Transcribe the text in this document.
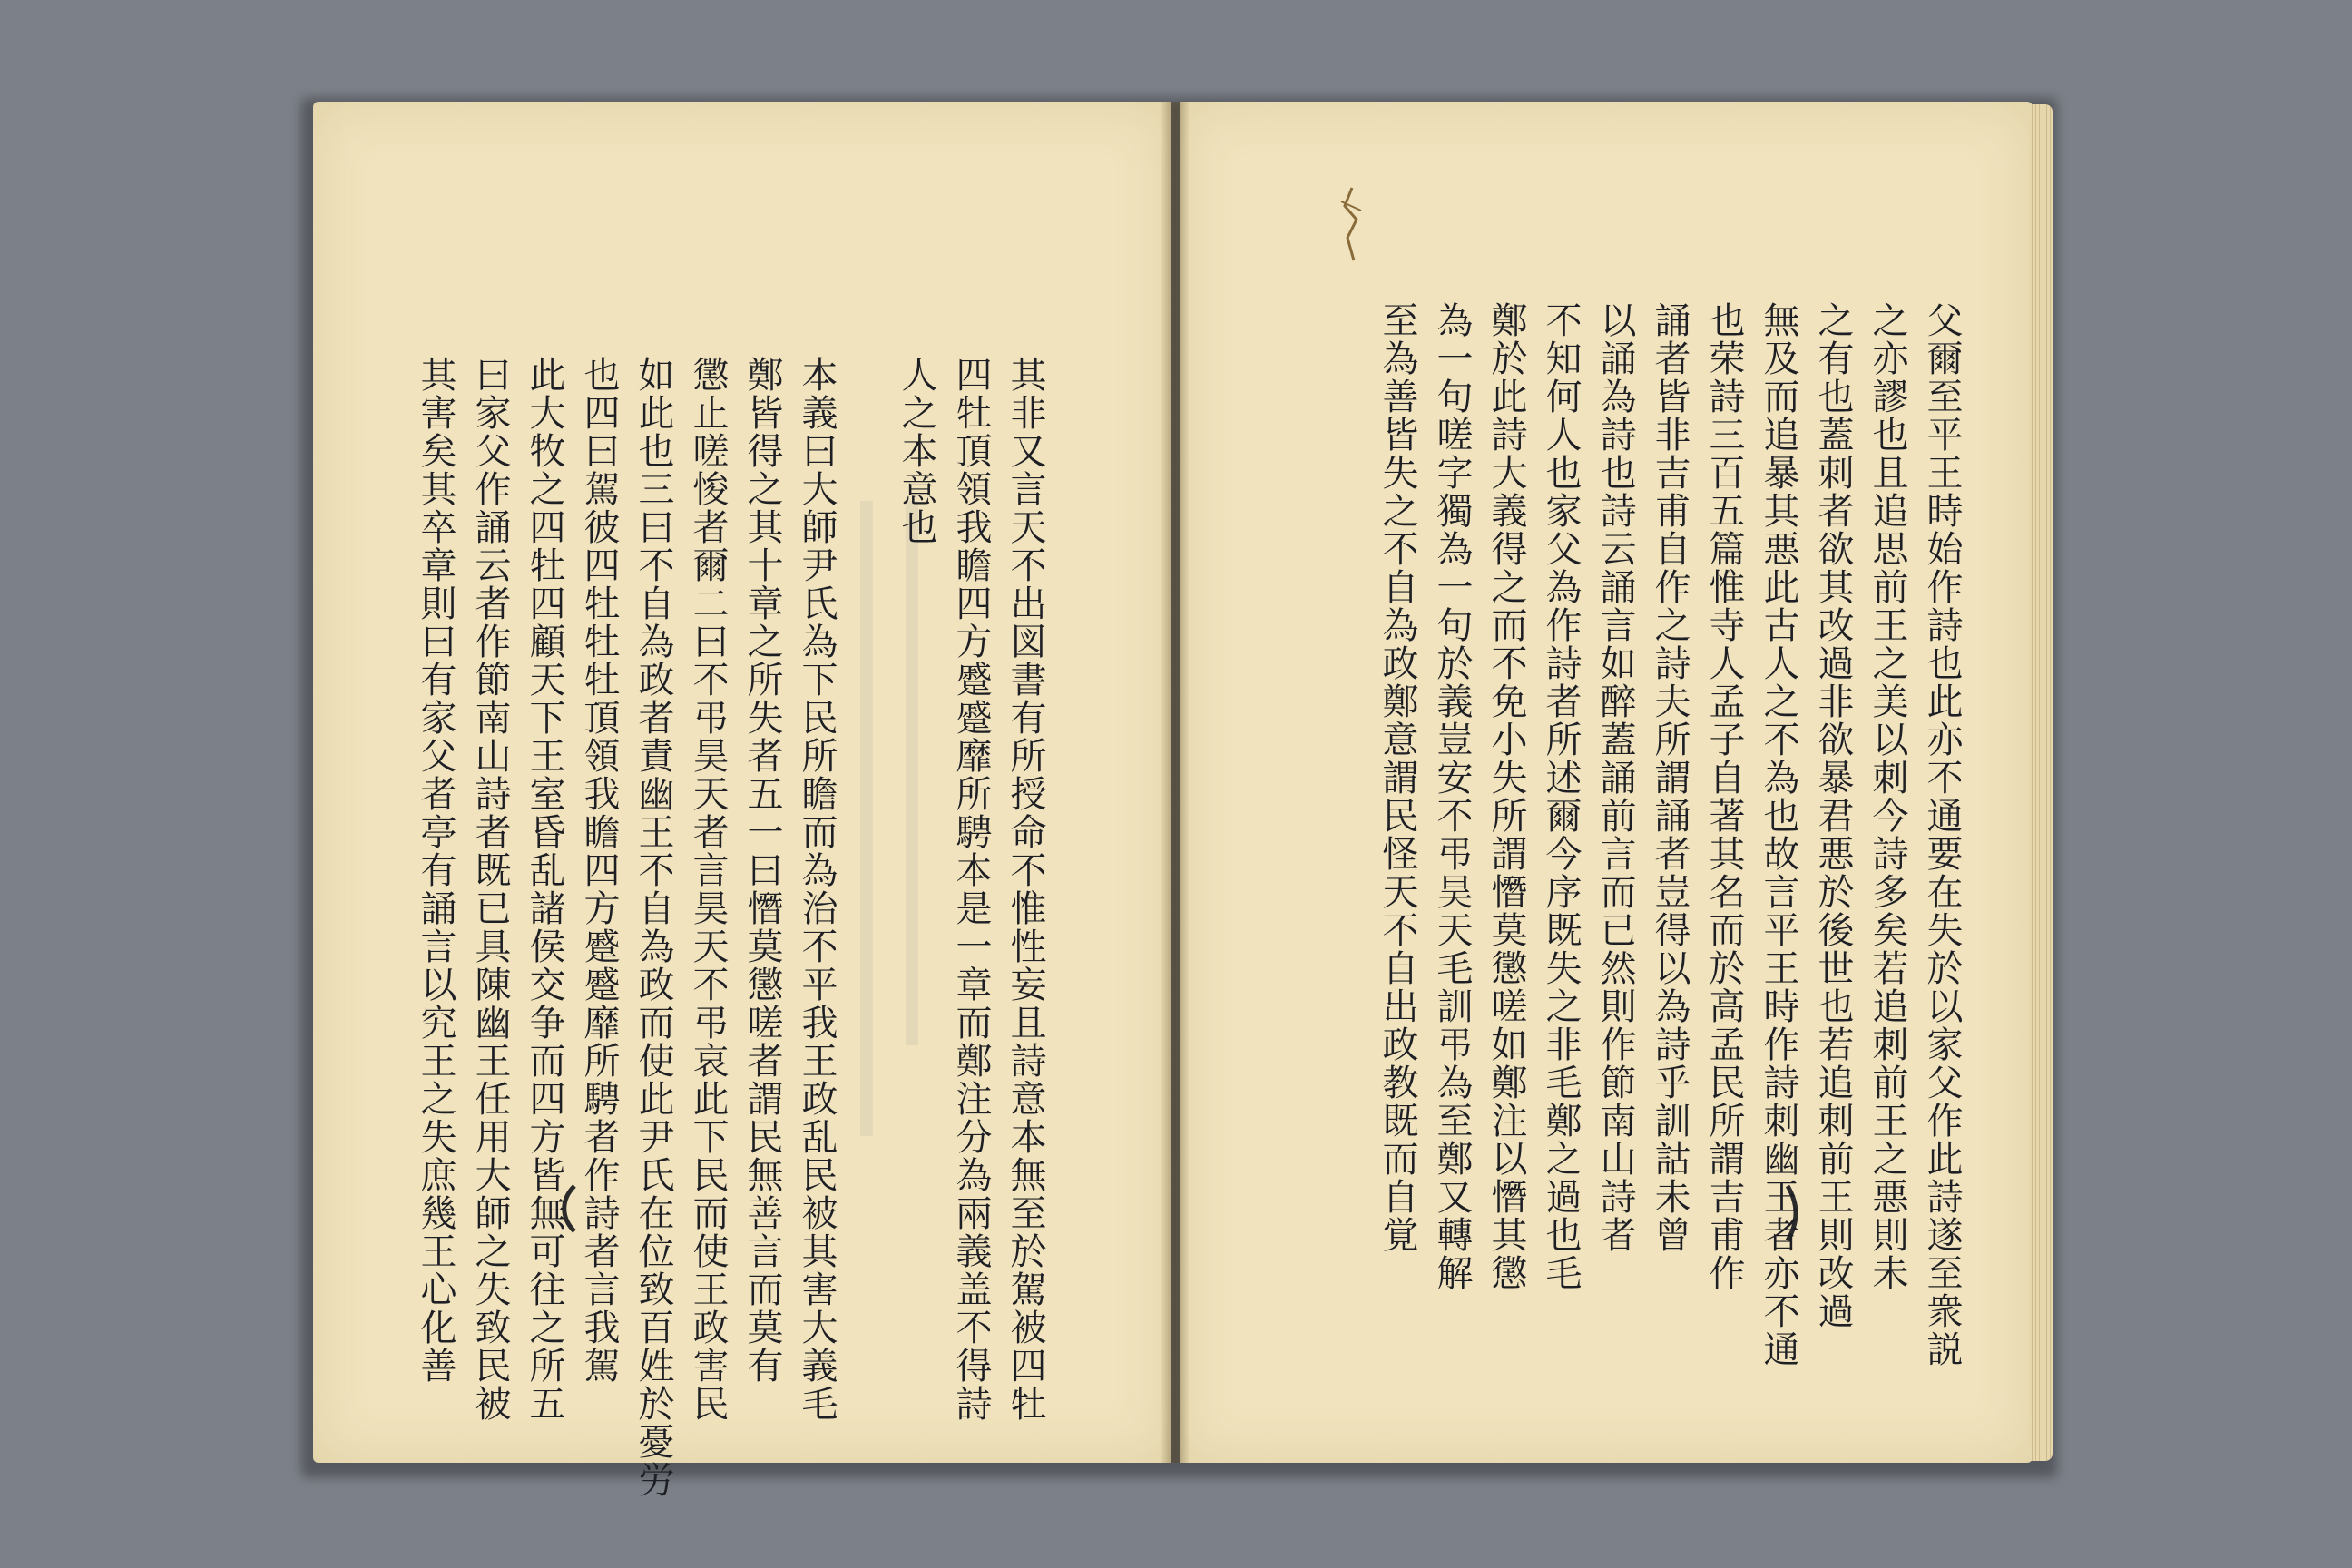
其非又言天不出図書有所授命不惟性妄且詩意本無至於駕被四牡
四牡頂領我瞻四方蹙蹙靡所騁本是一章而鄭注分為兩義盖不得詩
人之本意也
本義曰大師尹氏為下民所瞻而為治不平我王政乱民被其害大義毛
鄭皆得之其十章之所失者五一曰憯莫懲嗟者謂民無善言而莫有
懲止嗟悛者爾二曰不弔昊天者言昊天不弔哀此下民而使王政害民
如此也三曰不自為政者責幽王不自為政而使此尹氏在位致百姓於憂労
也四曰駕彼四牡牡牡頂領我瞻四方蹙蹙靡所騁者作詩者言我駕
此大牧之四牡四顧天下王室昏乱諸侯交争而四方皆無可往之所五
曰家父作誦云者作節南山詩者既已具陳幽王任用大師之失致民被
其害矣其卒章則曰有家父者亭有誦言以究王之失庶幾王心化善	父爾至平王時始作詩也此亦不通要在失於以家父作此詩遂至衆説
之亦謬也且追思前王之美以刺今詩多矣若追刺前王之悪則未
之有也蓋刺者欲其改過非欲暴君悪於後世也若追刺前王則改過
無及而追暴其悪此古人之不為也故言平王時作詩刺幽王者亦不通
也荣詩三百五篇惟寺人孟子自著其名而於高孟民所謂吉甫作
誦者皆非吉甫自作之詩夫所謂誦者豈得以為詩乎訓詁未曾
以誦為詩也詩云誦言如醉蓋誦前言而已然則作節南山詩者
不知何人也家父為作詩者所述爾今序既失之非毛鄭之過也毛
鄭於此詩大義得之而不免小失所謂憯莫懲嗟如鄭注以憯其懲
為一句嗟字獨為一句於義豈安不弔昊天毛訓弔為至鄭又轉解
至為善皆失之不自為政鄭意謂民怪天不自出政教既而自覚
